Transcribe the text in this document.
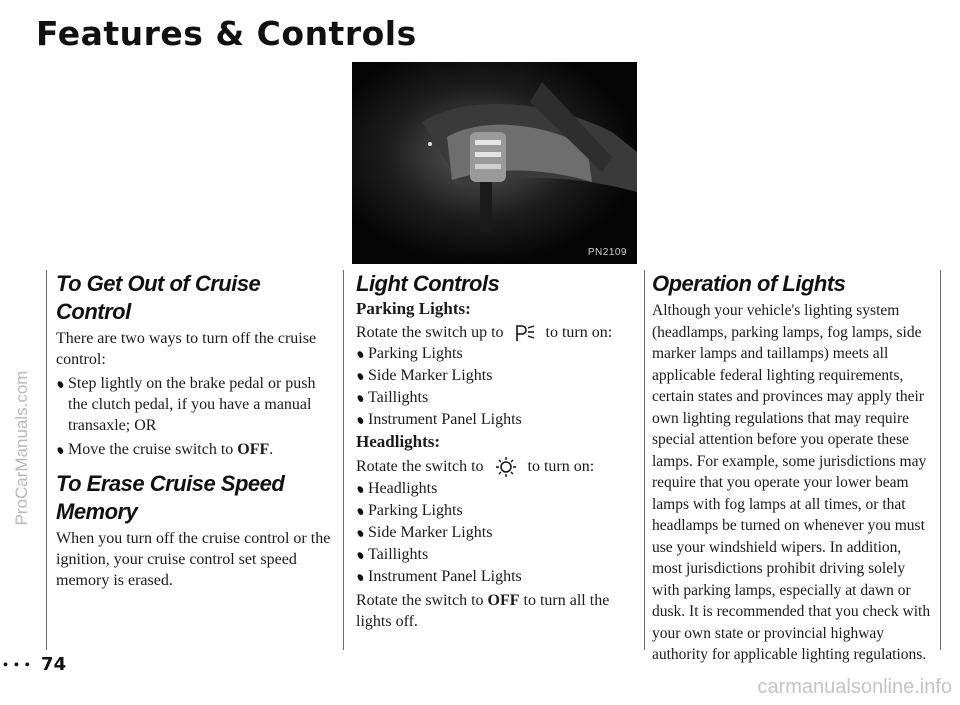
Features & Controls
PN2109
To Get Out of Cruise Control

There are two ways to turn off the cruise control:

Step lightly on the brake pedal or push the clutch pedal, if you have a manual transaxle; OR
Move the cruise switch to OFF.
To Erase Cruise Speed Memory

When you turn off the cruise control or the ignition, your cruise control set speed memory is erased.

Light Controls

Parking Lights:

Rotate the switch up to	to turn on:

Parking Lights
Side Marker Lights
Taillights
Instrument Panel Lights

Headlights:

Rotate the switch to	to turn on:

Headlights
Parking Lights
Side Marker Lights
Taillights
Instrument Panel Lights

Rotate the switch to OFF to turn all the lights off.

Operation of Lights

Although your vehicle's lighting system (headlamps, parking lamps, fog lamps, side marker lamps and taillamps) meets all applicable federal lighting requirements, certain states and provinces may apply their own lighting regulations that may require special attention before you operate these lamps. For example, some jurisdictions may require that you operate your lower beam lamps with fog lamps at all times, or that headlamps be turned on whenever you must use your windshield wipers. In addition, most jurisdictions prohibit driving solely with parking lamps, especially at dawn or dusk. It is recommended that you check with your own state or provincial highway authority for applicable lighting regulations.

• • • 74
ProCarManuals.com
carmanualsonline.info
